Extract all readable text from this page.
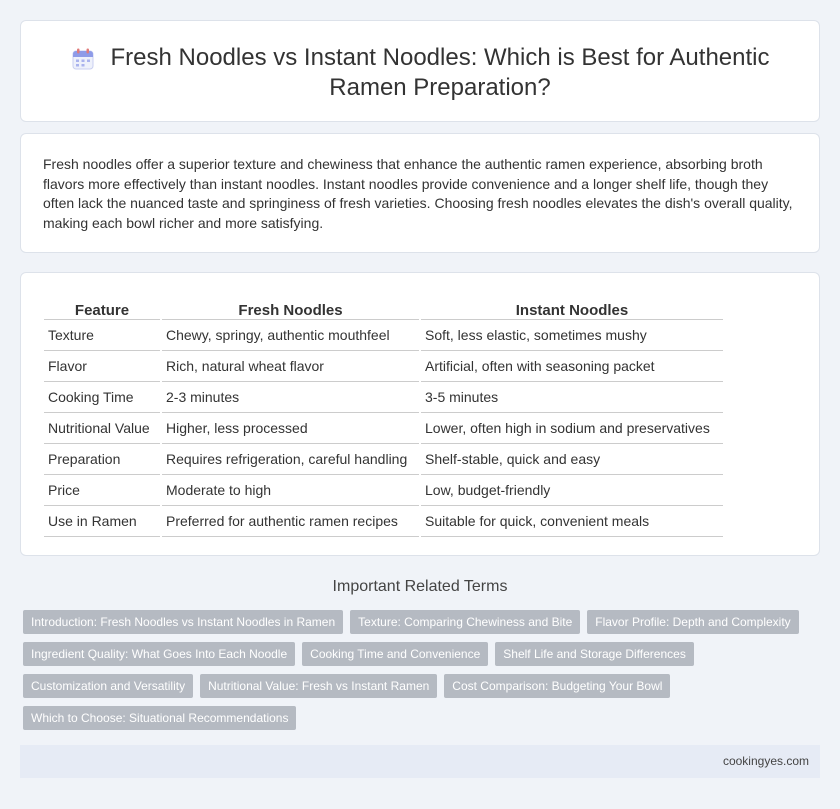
Fresh Noodles vs Instant Noodles: Which is Best for Authentic Ramen Preparation?

Fresh noodles offer a superior texture and chewiness that enhance the authentic ramen experience, absorbing broth flavors more effectively than instant noodles. Instant noodles provide convenience and a longer shelf life, though they often lack the nuanced taste and springiness of fresh varieties. Choosing fresh noodles elevates the dish's overall quality, making each bowl richer and more satisfying.

Feature	Fresh Noodles	Instant Noodles
Texture	Chewy, springy, authentic mouthfeel	Soft, less elastic, sometimes mushy
Flavor	Rich, natural wheat flavor	Artificial, often with seasoning packet
Cooking Time	2-3 minutes	3-5 minutes
Nutritional Value	Higher, less processed	Lower, often high in sodium and preservatives
Preparation	Requires refrigeration, careful handling	Shelf-stable, quick and easy
Price	Moderate to high	Low, budget-friendly
Use in Ramen	Preferred for authentic ramen recipes	Suitable for quick, convenient meals
Important Related Terms
Introduction: Fresh Noodles vs Instant Noodles in Ramen	Texture: Comparing Chewiness and Bite	Flavor Profile: Depth and Complexity
Ingredient Quality: What Goes Into Each Noodle	Cooking Time and Convenience	Shelf Life and Storage Differences
Customization and Versatility	Nutritional Value: Fresh vs Instant Ramen	Cost Comparison: Budgeting Your Bowl
Which to Choose: Situational Recommendations
cookingyes.com
